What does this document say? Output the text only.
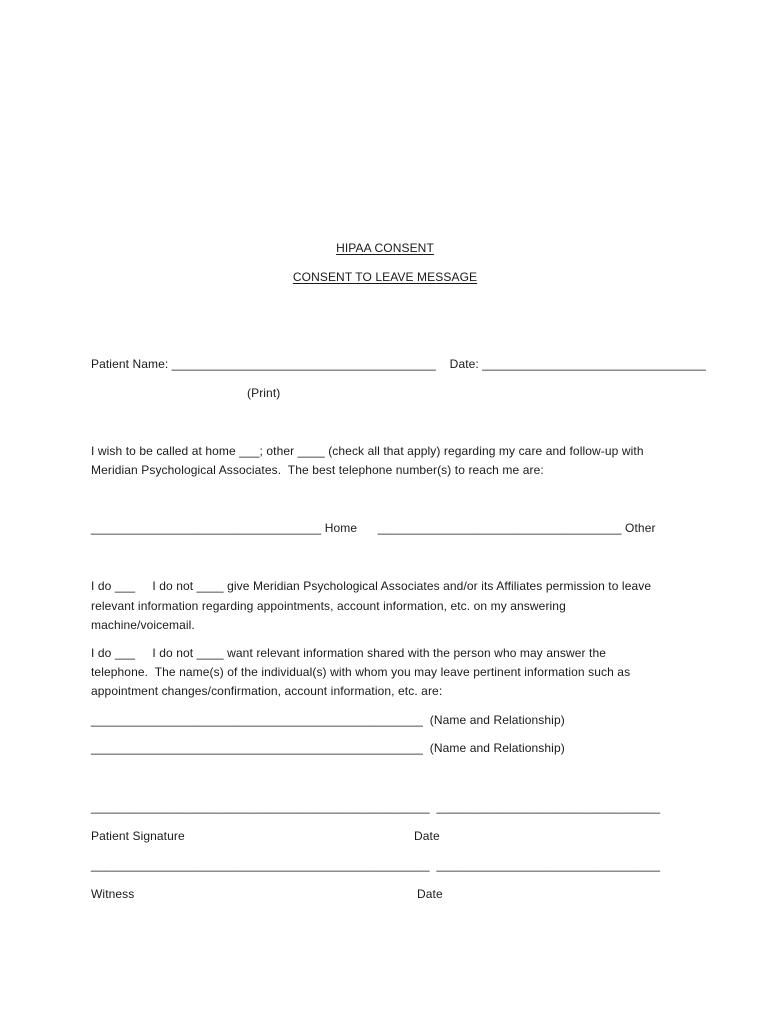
HIPAA CONSENT
CONSENT TO LEAVE MESSAGE
Patient Name: _______________________________________    Date: _________________________________
(Print)
I wish to be called at home ___; other ____ (check all that apply) regarding my care and follow-up with
Meridian Psychological Associates.  The best telephone number(s) to reach me are:
__________________________________ Home      ____________________________________ Other
I do ___     I do not ____ give Meridian Psychological Associates and/or its Affiliates permission to leave
relevant information regarding appointments, account information, etc. on my answering
machine/voicemail.
I do ___     I do not ____ want relevant information shared with the person who may answer the
telephone.  The name(s) of the individual(s) with whom you may leave pertinent information such as
appointment changes/confirmation, account information, etc. are:
_________________________________________________  (Name and Relationship)
_________________________________________________  (Name and Relationship)
__________________________________________________  _________________________________
Patient Signature	Date
__________________________________________________  _________________________________
Witness	Date
